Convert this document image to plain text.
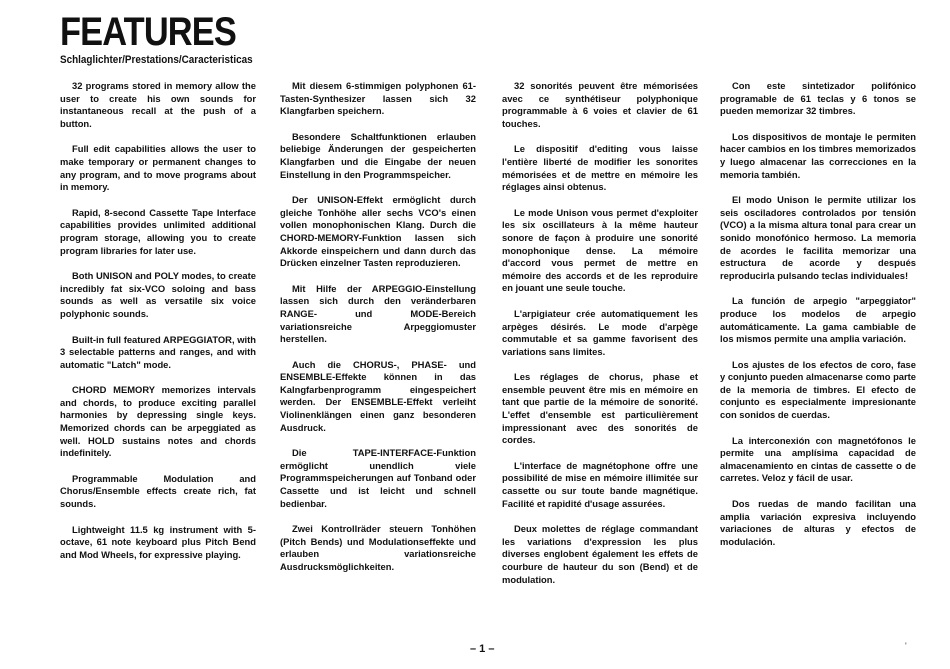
FEATURES
Schlaglichter/Prestations/Caracteristicas

32 programs stored in memory allow the user to create his own sounds for instantaneous recall at the push of a button.

Full edit capabilities allows the user to make temporary or permanent changes to any program, and to move programs about in memory.

Rapid, 8-second Cassette Tape Interface capabilities provides unlimited additional program storage, allowing you to create program libraries for later use.

Both UNISON and POLY modes, to create incredibly fat six-VCO soloing and bass sounds as well as versatile six voice polyphonic sounds.

Built-in full featured ARPEGGIATOR, with 3 selectable patterns and ranges, and with automatic "Latch" mode.

CHORD MEMORY memorizes intervals and chords, to produce exciting parallel harmonies by depressing single keys. Memorized chords can be arpeggiated as well. HOLD sustains notes and chords indefinitely.

Programmable Modulation and Chorus/Ensemble effects create rich, fat sounds.

Lightweight 11.5 kg instrument with 5-octave, 61 note keyboard plus Pitch Bend and Mod Wheels, for expressive playing.

Mit diesem 6-stimmigen polyphonen 61-Tasten-Synthesizer lassen sich 32 Klangfarben speichern.

Besondere Schaltfunktionen erlauben beliebige Änderungen der gespeicherten Klangfarben und die Eingabe der neuen Einstellung in den Programmspeicher.

Der UNISON-Effekt ermöglicht durch gleiche Tonhöhe aller sechs VCO's einen vollen monophonischen Klang. Durch die CHORD-MEMORY-Funktion lassen sich Akkorde einspeichern und dann durch das Drücken einzelner Tasten reproduzieren.

Mit Hilfe der ARPEGGIO-Einstellung lassen sich durch den veränderbaren RANGE- und MODE-Bereich variationsreiche Arpeggiomuster herstellen.

Auch die CHORUS-, PHASE- und ENSEMBLE-Effekte können in das Kalngfarbenprogramm eingespeichert werden. Der ENSEMBLE-Effekt verleiht Violinenklängen einen ganz besonderen Ausdruck.

Die TAPE-INTERFACE-Funktion ermöglicht unendlich viele Programmspeicherungen auf Tonband oder Cassette und ist leicht und schnell bedienbar.

Zwei Kontrollräder steuern Tonhöhen (Pitch Bends) und Modulationseffekte und erlauben variationsreiche Ausdrucksmöglichkeiten.

32 sonorités peuvent être mémorisées avec ce synthétiseur polyphonique programmable à 6 voies et clavier de 61 touches.

Le dispositif d'editing vous laisse l'entière liberté de modifier les sonorites mémorisées et de mettre en mémoire les réglages ainsi obtenus.

Le mode Unison vous permet d'exploiter les six oscillateurs à la même hauteur sonore de façon à produire une sonorité monophonique dense. La mémoire d'accord vous permet de mettre en mémoire des accords et de les reproduire en jouant une seule touche.

L'arpigiateur crée automatiquement les arpèges désirés. Le mode d'arpège commutable et sa gamme favorisent des variations sans limites.

Les réglages de chorus, phase et ensemble peuvent être mis en mémoire en tant que partie de la mémoire de sonorité. L'effet d'ensemble est particulièrement impressionant avec des sonorités de cordes.

L'interface de magnétophone offre une possibilité de mise en mémoire illimitée sur cassette ou sur toute bande magnétique. Facilité et rapidité d'usage assurées.

Deux molettes de réglage commandant les variations d'expression les plus diverses englobent également les effets de courbure de hauteur du son (Bend) et de modulation.

Con este sintetizador polifónico programable de 61 teclas y 6 tonos se pueden memorizar 32 timbres.

Los dispositivos de montaje le permiten hacer cambios en los timbres memorizados y luego almacenar las correcciones en la memoria también.

El modo Unison le permite utilizar los seis osciladores controlados por tensión (VCO) a la misma altura tonal para crear un sonido monofónico hermoso. La memoria de acordes le facilita memorizar una estructura de acorde y después reproducirla pulsando teclas individuales!

La función de arpegio "arpeggiator" produce los modelos de arpegio automáticamente. La gama cambiable de los mismos permite una amplia variación.

Los ajustes de los efectos de coro, fase y conjunto pueden almacenarse como parte de la memoria de timbres. El efecto de conjunto es especialmente impresionante con sonidos de cuerdas.

La interconexión con magnetófonos le permite una amplísima capacidad de almacenamiento en cintas de cassette o de carretes. Veloz y fácil de usar.

Dos ruedas de mando facilitan una amplia variación expresiva incluyendo variaciones de alturas y efectos de modulación.

– 1 –	'
